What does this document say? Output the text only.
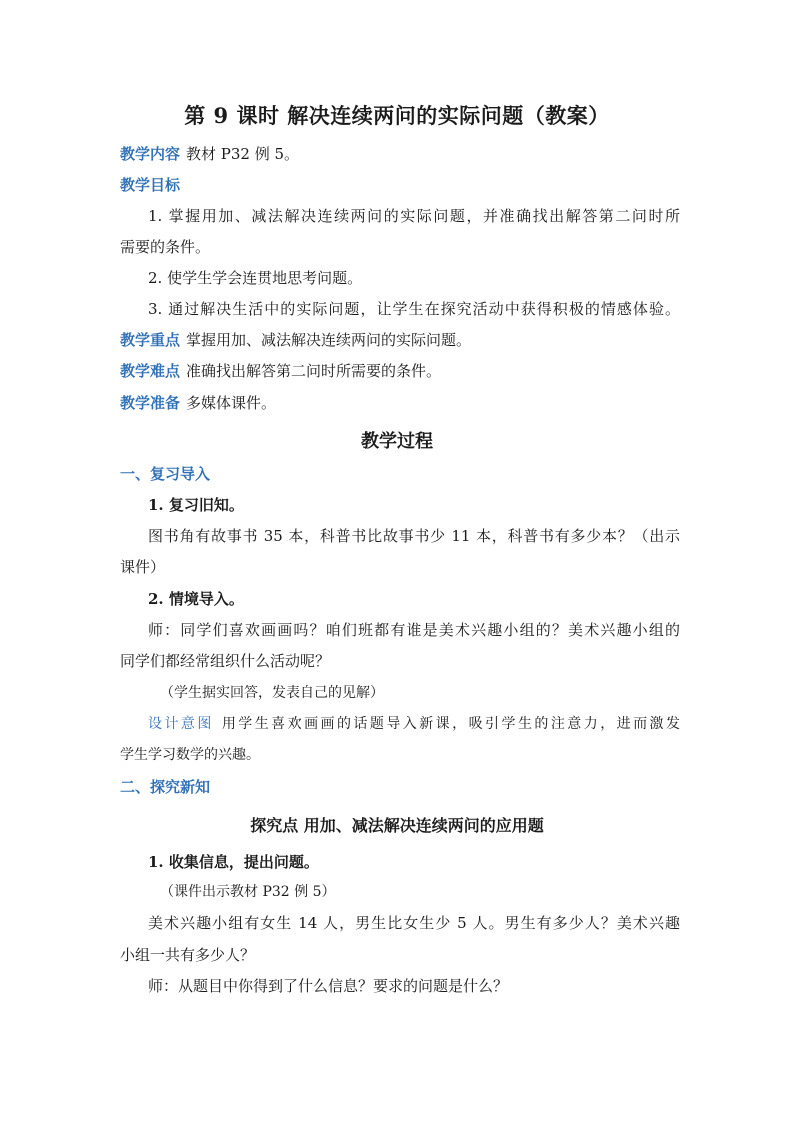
第 9 课时 解决连续两问的实际问题（教案）
教学内容 教材 P32 例 5。
教学目标
1. 掌握用加、减法解决连续两问的实际问题，并准确找出解答第二问时所
需要的条件。
2. 使学生学会连贯地思考问题。
3. 通过解决生活中的实际问题，让学生在探究活动中获得积极的情感体验。
教学重点 掌握用加、减法解决连续两问的实际问题。
教学难点 准确找出解答第二问时所需要的条件。
教学准备 多媒体课件。
教学过程
一、复习导入
1. 复习旧知。
图书角有故事书 35 本，科普书比故事书少 11 本，科普书有多少本？（出示
课件）
2. 情境导入。
师：同学们喜欢画画吗？咱们班都有谁是美术兴趣小组的？美术兴趣小组的
同学们都经常组织什么活动呢？
（学生据实回答，发表自己的见解）
设计意图 用学生喜欢画画的话题导入新课，吸引学生的注意力，进而激发
学生学习数学的兴趣。
二、探究新知
探究点 用加、减法解决连续两问的应用题
1. 收集信息，提出问题。
（课件出示教材 P32 例 5）
美术兴趣小组有女生 14 人，男生比女生少 5 人。男生有多少人？美术兴趣
小组一共有多少人？
师：从题目中你得到了什么信息？要求的问题是什么？
